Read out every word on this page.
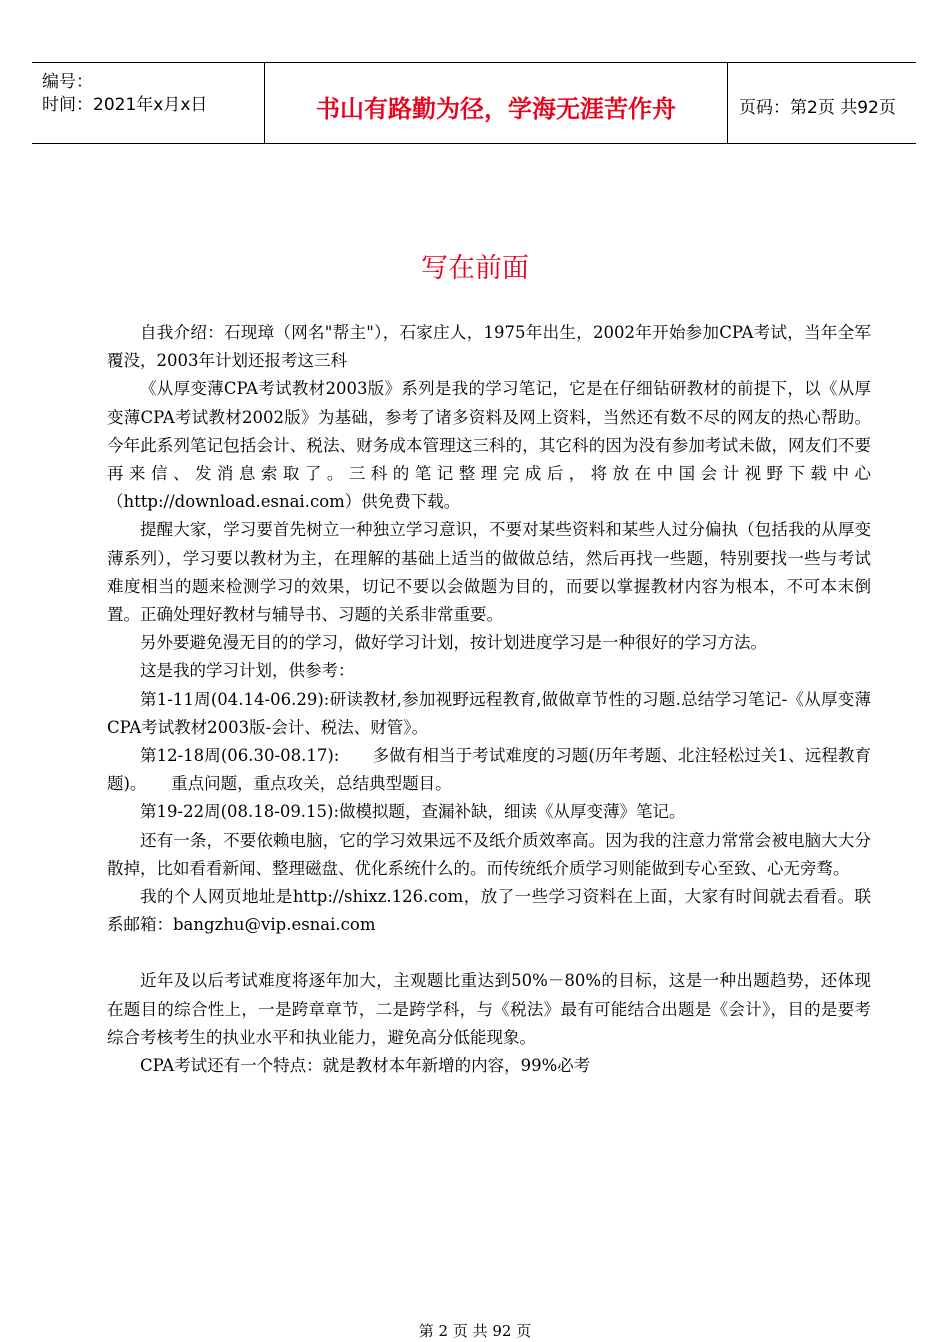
编号：
时间：2021年x月x日	书山有路勤为径，学海无涯苦作舟	页码：第2页 共92页
写在前面

自我介绍：石现璋（网名"帮主"），石家庄人，1975年出生，2002年开始参加CPA考试，当年全军覆没，2003年计划还报考这三科

《从厚变薄CPA考试教材2003版》系列是我的学习笔记，它是在仔细钻研教材的前提下，以《从厚变薄CPA考试教材2002版》为基础，参考了诸多资料及网上资料，当然还有数不尽的网友的热心帮助。今年此系列笔记包括会计、税法、财务成本管理这三科的，其它科的因为没有参加考试未做，网友们不要再来信、发消息索取了。三科的笔记整理完成后，将放在中国会计视野下载中心（http://download.esnai.com）供免费下载。

提醒大家，学习要首先树立一种独立学习意识，不要对某些资料和某些人过分偏执（包括我的从厚变薄系列），学习要以教材为主，在理解的基础上适当的做做总结，然后再找一些题，特别要找一些与考试难度相当的题来检测学习的效果，切记不要以会做题为目的，而要以掌握教材内容为根本，不可本末倒置。正确处理好教材与辅导书、习题的关系非常重要。

另外要避免漫无目的的学习，做好学习计划，按计划进度学习是一种很好的学习方法。

这是我的学习计划，供参考：

第1-11周(04.14-06.29):研读教材,参加视野远程教育,做做章节性的习题.总结学习笔记-《从厚变薄CPA考试教材2003版-会计、税法、财管》。

第12-18周(06.30-08.17):　　多做有相当于考试难度的习题(历年考题、北注轻松过关1、远程教育题)。　　重点问题，重点攻关，总结典型题目。

第19-22周(08.18-09.15):做模拟题，查漏补缺，细读《从厚变薄》笔记。

还有一条，不要依赖电脑，它的学习效果远不及纸介质效率高。因为我的注意力常常会被电脑大大分散掉，比如看看新闻、整理磁盘、优化系统什么的。而传统纸介质学习则能做到专心至致、心无旁骛。

我的个人网页地址是http://shixz.126.com，放了一些学习资料在上面，大家有时间就去看看。联系邮箱：bangzhu@vip.esnai.com

近年及以后考试难度将逐年加大，主观题比重达到50%－80%的目标，这是一种出题趋势，还体现在题目的综合性上，一是跨章章节，二是跨学科，与《税法》最有可能结合出题是《会计》，目的是要考综合考核考生的执业水平和执业能力，避免高分低能现象。

CPA考试还有一个特点：就是教材本年新增的内容，99%必考

第 2 页 共 92 页
